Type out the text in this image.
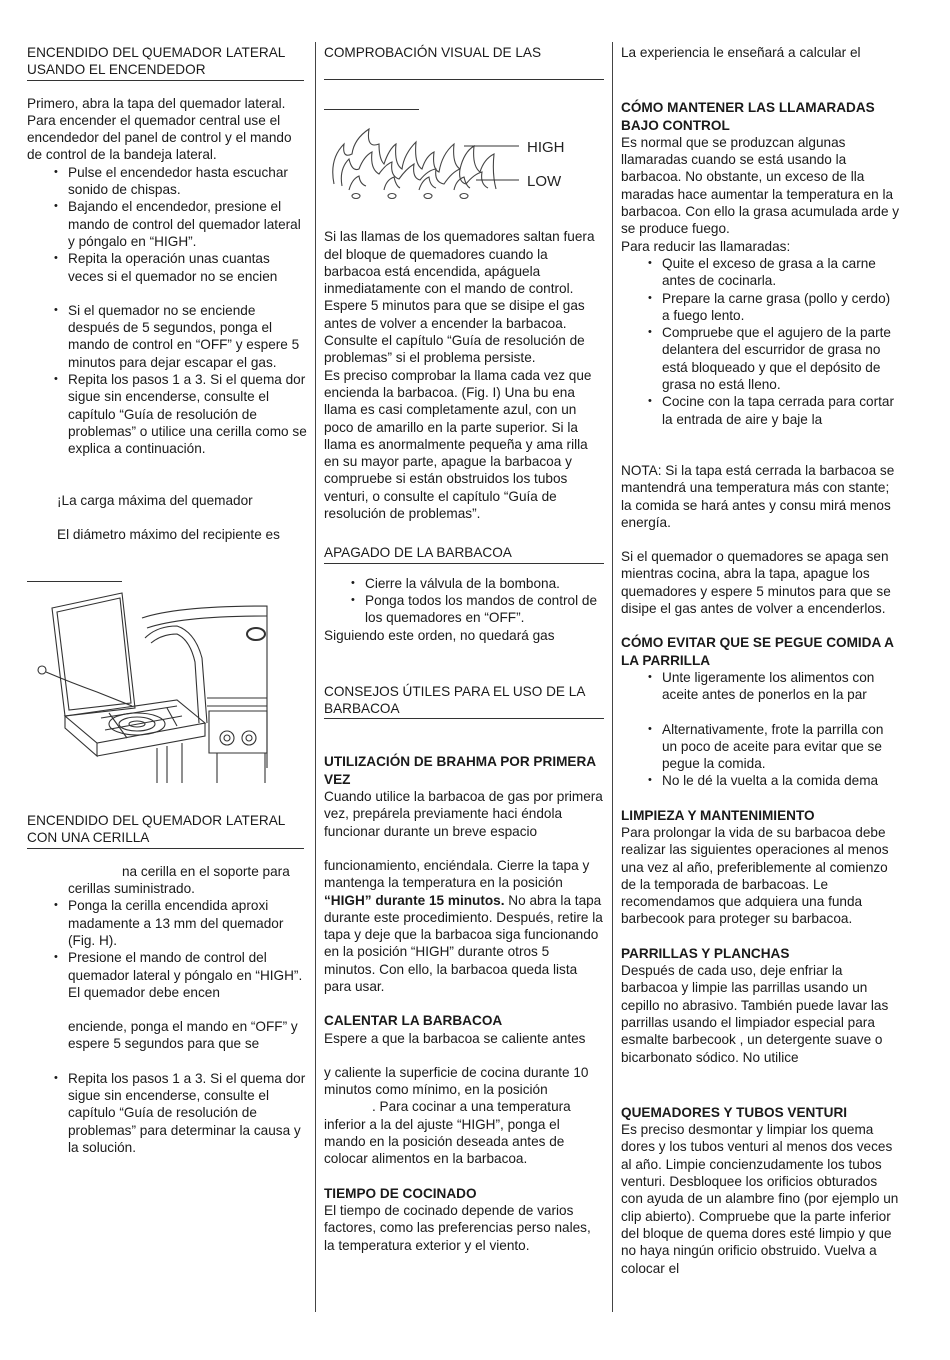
ENCENDIDO DEL QUEMADOR LATERAL USANDO EL ENCENDEDOR

Primero, abra la tapa del quemador lateral. Para encender el quemador central use el encendedor del panel de control y el mando de control de la bandeja lateral.

• Pulse el encendedor hasta escuchar sonido de chispas.
• Bajando el encendedor, presione el mando de control del quemador lateral y póngalo en “HIGH”.
• Repita la operación unas cuantas veces si el quemador no se encien
• Si el quemador no se enciende después de 5 segundos, ponga el mando de control en “OFF” y espere 5 minutos para dejar escapar el gas.
• Repita los pasos 1 a 3. Si el quema dor sigue sin encenderse, consulte el capítulo “Guía de resolución de problemas” o utilice una cerilla como se explica a continuación.

¡La carga máxima del quemador

El diámetro máximo del recipiente es

ENCENDIDO DEL QUEMADOR LATERAL CON UNA CERILLA

na cerilla en el soporte para

cerillas suministrado.

• Ponga la cerilla encendida aproxi madamente a 13 mm del quemador (Fig. H).
• Presione el mando de control del quemador lateral y póngalo en “HIGH”. El quemador debe encen

enciende, ponga el mando en “OFF” y espere 5 segundos para que se

• Repita los pasos 1 a 3. Si el quema dor sigue sin encenderse, consulte el capítulo “Guía de resolución de problemas” para determinar la causa y la solución.
COMPROBACIÓN VISUAL DE LAS
HIGH
LOW

Si las llamas de los quemadores saltan fuera del bloque de quemadores cuando la barbacoa está encendida, apáguela inmediatamente con el mando de control. Espere 5 minutos para que se disipe el gas antes de volver a encender la barbacoa. Consulte el capítulo “Guía de resolución de problemas” si el problema persiste.

Es preciso comprobar la llama cada vez que encienda la barbacoa. (Fig. I) Una bu ena llama es casi completamente azul, con un poco de amarillo en la parte superior. Si la llama es anormalmente pequeña y ama rilla en su mayor parte, apague la barbacoa y compruebe si están obstruidos los tubos venturi, o consulte el capítulo “Guía de resolución de problemas”.

APAGADO DE LA BARBACOA
• Cierre la válvula de la bombona.
• Ponga todos los mandos de control de los quemadores en “OFF”.

Siguiendo este orden, no quedará gas

CONSEJOS ÚTILES PARA EL USO DE LA BARBACOA

UTILIZACIÓN DE BRAHMA POR PRIMERA VEZ

Cuando utilice la barbacoa de gas por primera vez, prepárela previamente haci éndola funcionar durante un breve espacio

funcionamiento, enciéndala. Cierre la tapa y mantenga la temperatura en la posición “HIGH” durante 15 minutos. No abra la tapa durante este procedimiento. Después, retire la tapa y deje que la barbacoa siga funcionando en la posición “HIGH” durante otros 5 minutos. Con ello, la barbacoa queda lista para usar.

CALENTAR LA BARBACOA

Espere a que la barbacoa se caliente antes

y caliente la superficie de cocina durante 10 minutos como mínimo, en la posición

. Para cocinar a una temperatura inferior a la del ajuste “HIGH”, ponga el mando en la posición deseada antes de colocar alimentos en la barbacoa.

TIEMPO DE COCINADO

El tiempo de cocinado depende de varios factores, como las preferencias perso nales, la temperatura exterior y el viento.

La experiencia le enseñará a calcular el

CÓMO MANTENER LAS LLAMARADAS BAJO CONTROL

Es normal que se produzcan algunas llamaradas cuando se está usando la barbacoa. No obstante, un exceso de lla maradas hace aumentar la temperatura en la barbacoa. Con ello la grasa acumulada arde y se produce fuego.

Para reducir las llamaradas:

• Quite el exceso de grasa a la carne antes de cocinarla.
• Prepare la carne grasa (pollo y cerdo) a fuego lento.
• Compruebe que el agujero de la parte delantera del escurridor de grasa no está bloqueado y que el depósito de grasa no está lleno.
• Cocine con la tapa cerrada para cortar la entrada de aire y baje la

NOTA: Si la tapa está cerrada la barbacoa se mantendrá una temperatura más con stante; la comida se hará antes y consu mirá menos energía.

Si el quemador o quemadores se apaga sen mientras cocina, abra la tapa, apague los quemadores y espere 5 minutos para que se disipe el gas antes de volver a encenderlos.

CÓMO EVITAR QUE SE PEGUE COMIDA A LA PARRILLA

• Unte ligeramente los alimentos con aceite antes de ponerlos en la par
• Alternativamente, frote la parrilla con un poco de aceite para evitar que se pegue la comida.
• No le dé la vuelta a la comida dema

LIMPIEZA Y MANTENIMIENTO

Para prolongar la vida de su barbacoa debe realizar las siguientes operaciones al menos una vez al año, preferiblemente al comienzo de la temporada de barbacoas. Le recomendamos que adquiera una funda barbecook para proteger su barbacoa.

PARRILLAS Y PLANCHAS

Después de cada uso, deje enfriar la barbacoa y limpie las parrillas usando un cepillo no abrasivo. También puede lavar las parrillas usando el limpiador especial para esmalte barbecook , un detergente suave o bicarbonato sódico. No utilice

QUEMADORES Y TUBOS VENTURI

Es preciso desmontar y limpiar los quema dores y los tubos venturi al menos dos veces al año. Limpie concienzudamente los tubos venturi. Desbloquee los orificios obturados con ayuda de un alambre fino (por ejemplo un clip abierto). Compruebe que la parte inferior del bloque de quema dores esté limpio y que no haya ningún orificio obstruido. Vuelva a colocar el
